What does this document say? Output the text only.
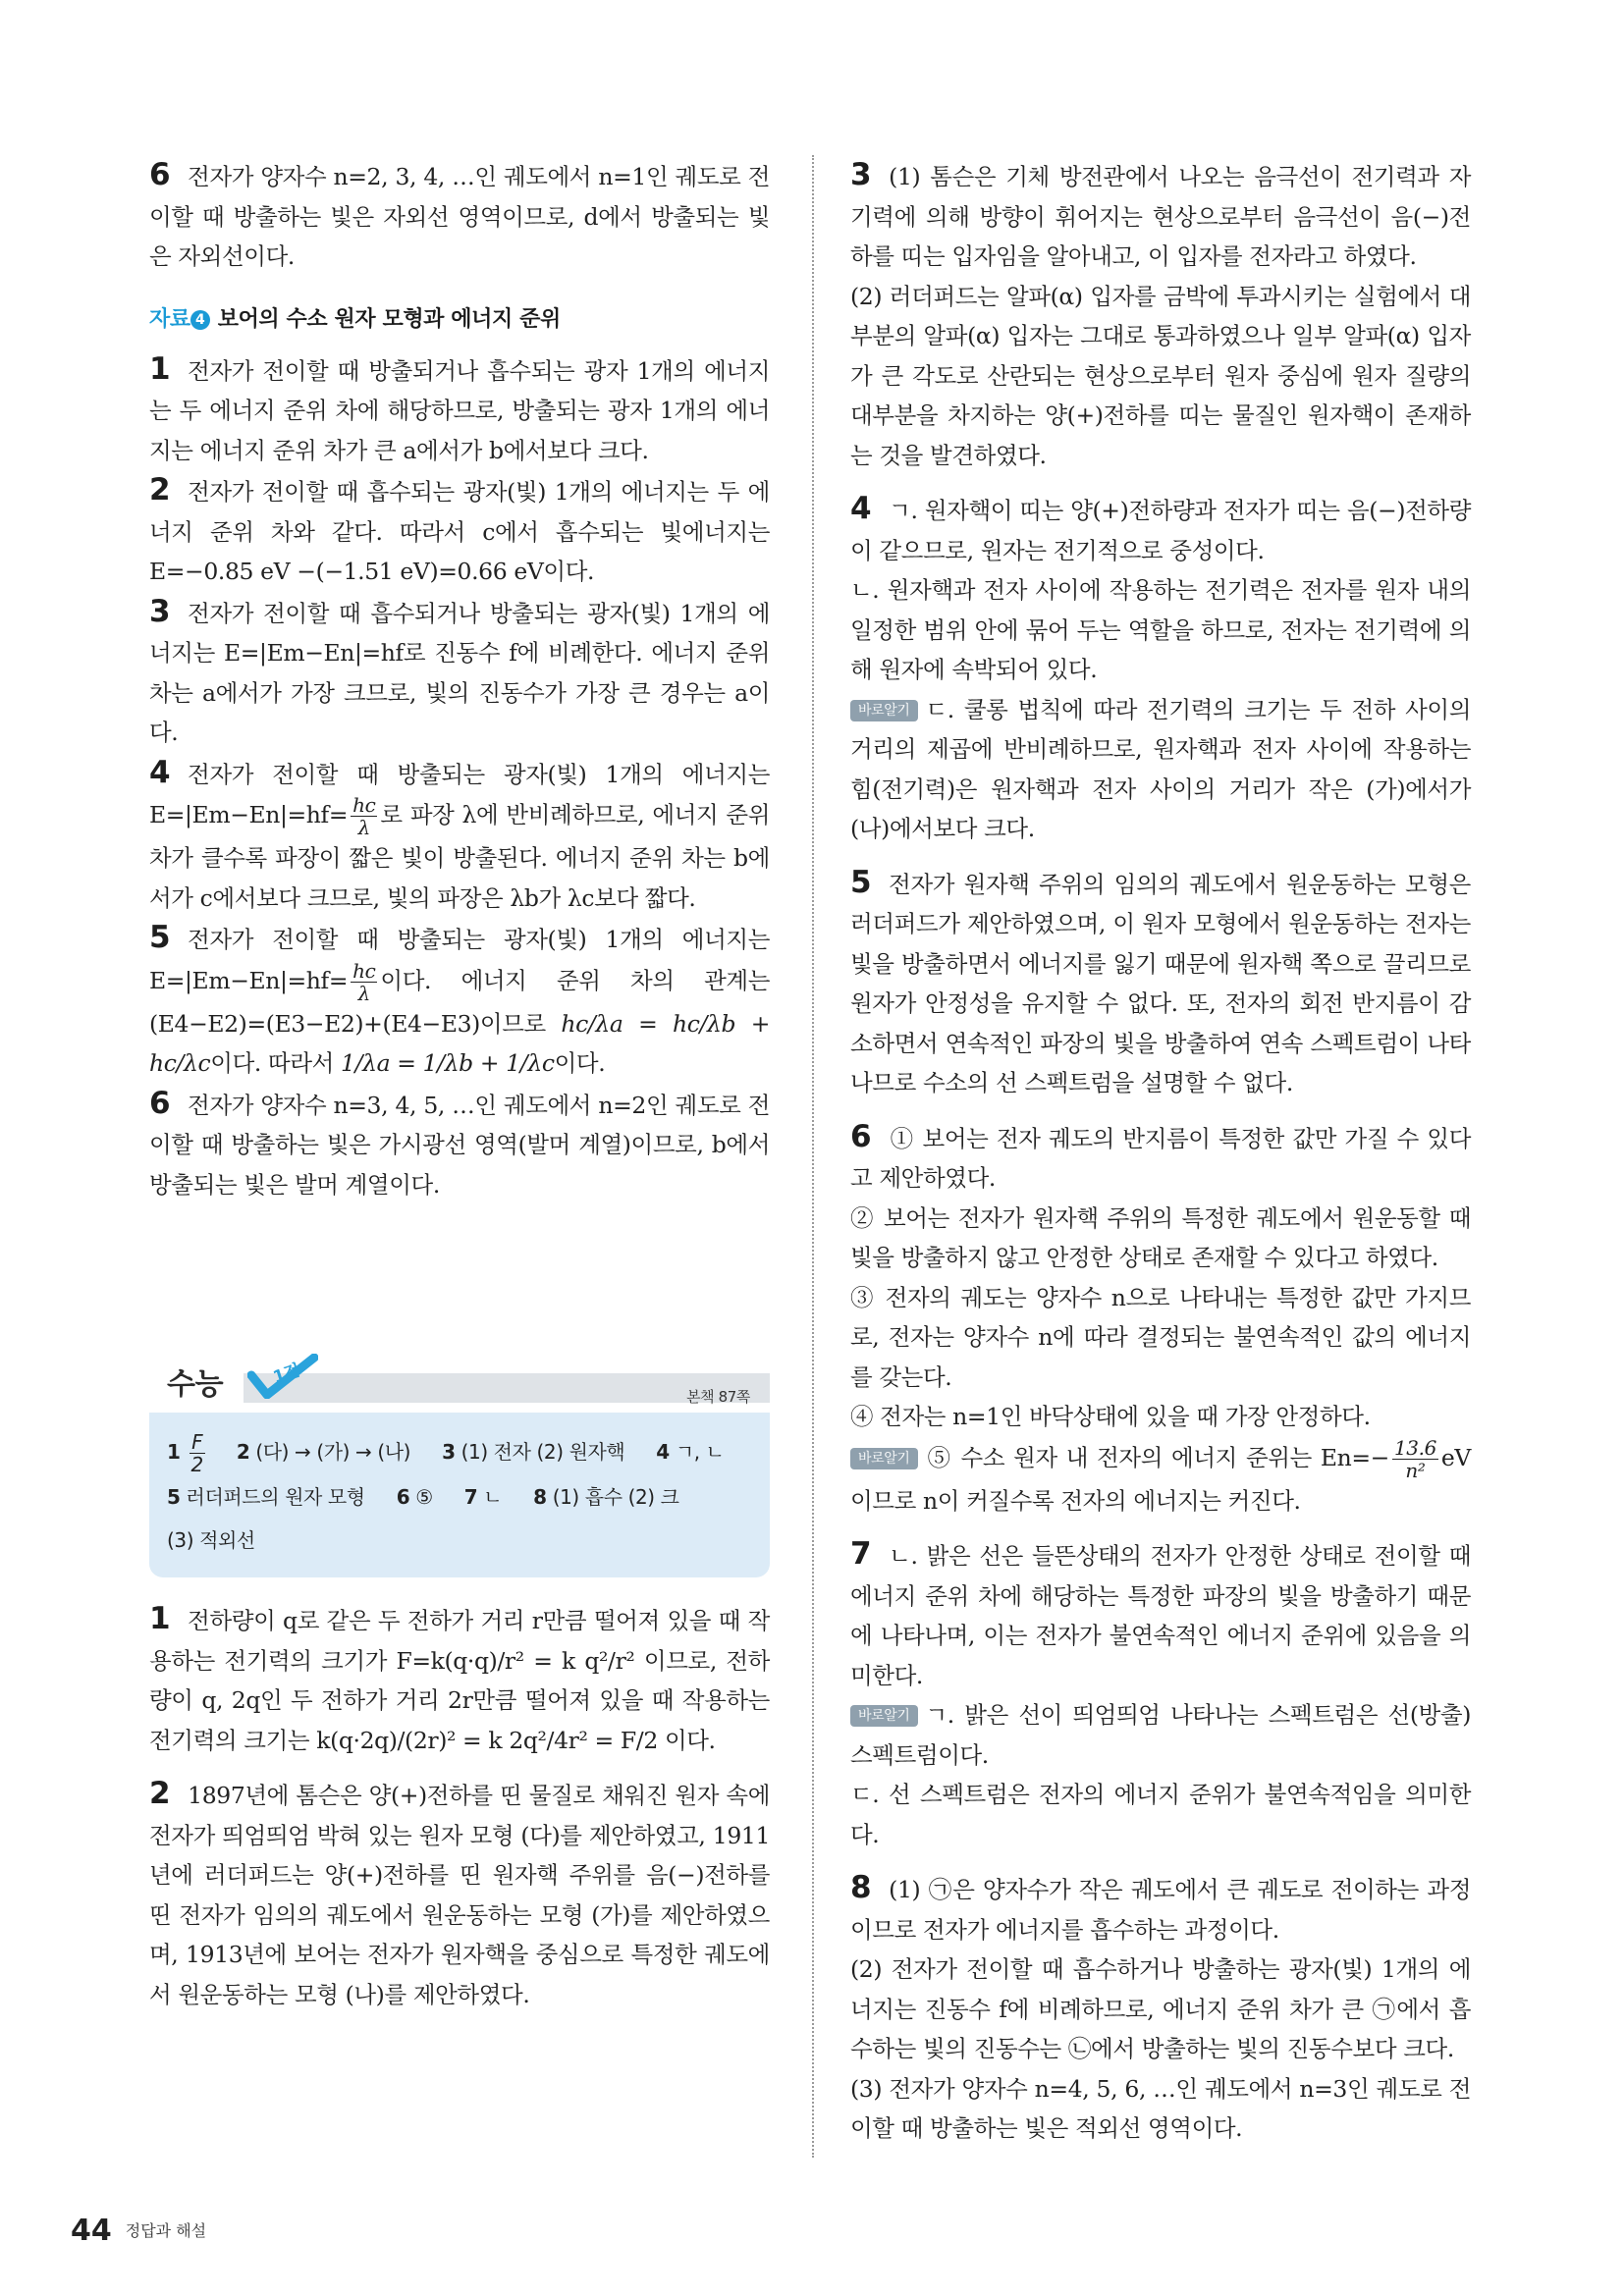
6 전자가 양자수 n=2, 3, 4, …인 궤도에서 n=1인 궤도로 전이할 때 방출하는 빛은 자외선 영역이므로, d에서 방출되는 빛은 자외선이다.

자료 4 보어의 수소 원자 모형과 에너지 준위

1 전자가 전이할 때 방출되거나 흡수되는 광자 1개의 에너지는 두 에너지 준위 차에 해당하므로, 방출되는 광자 1개의 에너지는 에너지 준위 차가 큰 a에서가 b에서보다 크다.

2 전자가 전이할 때 흡수되는 광자(빛) 1개의 에너지는 두 에너지 준위 차와 같다. 따라서 c에서 흡수되는 빛에너지는 E=−0.85 eV −(−1.51 eV)=0.66 eV이다.

3 전자가 전이할 때 흡수되거나 방출되는 광자(빛) 1개의 에너지는 E=|Em−En|=hf로 진동수 f에 비례한다. 에너지 준위 차는 a에서가 가장 크므로, 빛의 진동수가 가장 큰 경우는 a이다.

4 전자가 전이할 때 방출되는 광자(빛) 1개의 에너지는 $E=|Em-En|=hf= \frac{hc}{\lambda}$ 로 파장 λ에 반비례하므로, 에너지 준위 차가 클수록 파장이 짧은 빛이 방출된다. 에너지 준위 차는 b에서가 c에서보다 크므로, 빛의 파장은 λb가 λc보다 짧다.

5 전자가 전이할 때 방출되는 광자(빛) 1개의 에너지는 $E=|Em-En|=hf= \frac{hc}{\lambda}$ 이다. 에너지 준위 차의 관계는 (E4−E2)=(E3−E2)+(E4−E3)이므로 hc/λa = hc/λb + hc/λc이다. 따라서 1/λa = 1/λb + 1/λc이다.

6 전자가 양자수 n=3, 4, 5, …인 궤도에서 n=2인 궤도로 전이할 때 방출하는 빛은 가시광선 영역(발머 계열)이므로, b에서 방출되는 빛은 발머 계열이다.

수능	1점
본책 87쪽
$1 \frac{F}{2} 2$ (다) → (가) → (나) 3 (1) 전자 (2) 원자핵 4 ㄱ, ㄴ
5 러더퍼드의 원자 모형 6 ⑤ 7 ㄴ 8 (1) 흡수 (2) 크
(3) 적외선

1 전하량이 q로 같은 두 전하가 거리 r만큼 떨어져 있을 때 작용하는 전기력의 크기가 F=k(q·q)/r² = k q²/r² 이므로, 전하량이 q, 2q인 두 전하가 거리 2r만큼 떨어져 있을 때 작용하는 전기력의 크기는 k(q·2q)/(2r)² = k 2q²/4r² = F/2 이다.

2 1897년에 톰슨은 양(+)전하를 띤 물질로 채워진 원자 속에 전자가 띄엄띄엄 박혀 있는 원자 모형 (다)를 제안하였고, 1911년에 러더퍼드는 양(+)전하를 띤 원자핵 주위를 음(−)전하를 띤 전자가 임의의 궤도에서 원운동하는 모형 (가)를 제안하였으며, 1913년에 보어는 전자가 원자핵을 중심으로 특정한 궤도에서 원운동하는 모형 (나)를 제안하였다.

3 (1) 톰슨은 기체 방전관에서 나오는 음극선이 전기력과 자기력에 의해 방향이 휘어지는 현상으로부터 음극선이 음(−)전하를 띠는 입자임을 알아내고, 이 입자를 전자라고 하였다.

(2) 러더퍼드는 알파(α) 입자를 금박에 투과시키는 실험에서 대부분의 알파(α) 입자는 그대로 통과하였으나 일부 알파(α) 입자가 큰 각도로 산란되는 현상으로부터 원자 중심에 원자 질량의 대부분을 차지하는 양(+)전하를 띠는 물질인 원자핵이 존재하는 것을 발견하였다.

4 ㄱ. 원자핵이 띠는 양(+)전하량과 전자가 띠는 음(−)전하량이 같으므로, 원자는 전기적으로 중성이다.

ㄴ. 원자핵과 전자 사이에 작용하는 전기력은 전자를 원자 내의 일정한 범위 안에 묶어 두는 역할을 하므로, 전자는 전기력에 의해 원자에 속박되어 있다.

바로알기 ㄷ. 쿨롱 법칙에 따라 전기력의 크기는 두 전하 사이의 거리의 제곱에 반비례하므로, 원자핵과 전자 사이에 작용하는 힘(전기력)은 원자핵과 전자 사이의 거리가 작은 (가)에서가 (나)에서보다 크다.

5 전자가 원자핵 주위의 임의의 궤도에서 원운동하는 모형은 러더퍼드가 제안하였으며, 이 원자 모형에서 원운동하는 전자는 빛을 방출하면서 에너지를 잃기 때문에 원자핵 쪽으로 끌리므로 원자가 안정성을 유지할 수 없다. 또, 전자의 회전 반지름이 감소하면서 연속적인 파장의 빛을 방출하여 연속 스펙트럼이 나타나므로 수소의 선 스펙트럼을 설명할 수 없다.

6 ① 보어는 전자 궤도의 반지름이 특정한 값만 가질 수 있다고 제안하였다.

② 보어는 전자가 원자핵 주위의 특정한 궤도에서 원운동할 때 빛을 방출하지 않고 안정한 상태로 존재할 수 있다고 하였다.

③ 전자의 궤도는 양자수 n으로 나타내는 특정한 값만 가지므로, 전자는 양자수 n에 따라 결정되는 불연속적인 값의 에너지를 갖는다.

④ 전자는 n=1인 바닥상태에 있을 때 가장 안정하다.

바로알기 ⑤ 수소 원자 내 전자의 에너지 준위는 $En=- \frac{13.6}{\text{n²}}$ eV 이므로 n이 커질수록 전자의 에너지는 커진다.

7 ㄴ. 밝은 선은 들뜬상태의 전자가 안정한 상태로 전이할 때 에너지 준위 차에 해당하는 특정한 파장의 빛을 방출하기 때문에 나타나며, 이는 전자가 불연속적인 에너지 준위에 있음을 의미한다.

바로알기 ㄱ. 밝은 선이 띄엄띄엄 나타나는 스펙트럼은 선(방출) 스펙트럼이다.

ㄷ. 선 스펙트럼은 전자의 에너지 준위가 불연속적임을 의미한다.

8 (1) ㉠은 양자수가 작은 궤도에서 큰 궤도로 전이하는 과정이므로 전자가 에너지를 흡수하는 과정이다.

(2) 전자가 전이할 때 흡수하거나 방출하는 광자(빛) 1개의 에너지는 진동수 f에 비례하므로, 에너지 준위 차가 큰 ㉠에서 흡수하는 빛의 진동수는 ㉡에서 방출하는 빛의 진동수보다 크다.

(3) 전자가 양자수 n=4, 5, 6, …인 궤도에서 n=3인 궤도로 전이할 때 방출하는 빛은 적외선 영역이다.

44 정답과 해설
